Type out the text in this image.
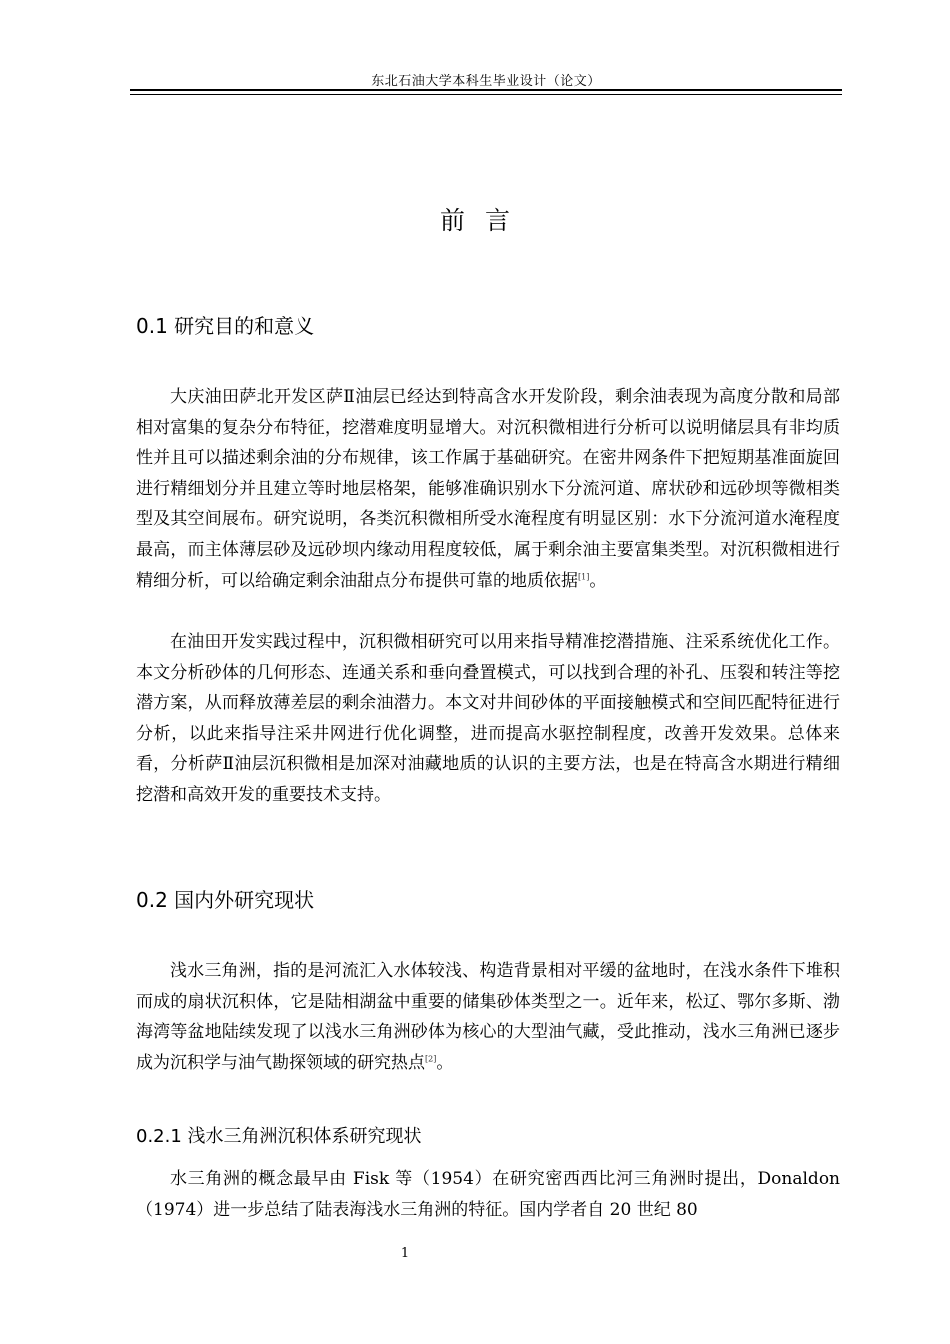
东北石油大学本科生毕业设计（论文）
前言
0.1 研究目的和意义

大庆油田萨北开发区萨Ⅱ油层已经达到特高含水开发阶段，剩余油表现为高度分散和局部相对富集的复杂分布特征，挖潜难度明显增大。对沉积微相进行分析可以说明储层具有非均质性并且可以描述剩余油的分布规律，该工作属于基础研究。在密井网条件下把短期基准面旋回进行精细划分并且建立等时地层格架，能够准确识别水下分流河道、席状砂和远砂坝等微相类型及其空间展布。研究说明，各类沉积微相所受水淹程度有明显区别：水下分流河道水淹程度最高，而主体薄层砂及远砂坝内缘动用程度较低，属于剩余油主要富集类型。对沉积微相进行精细分析，可以给确定剩余油甜点分布提供可靠的地质依据[1]。

在油田开发实践过程中，沉积微相研究可以用来指导精准挖潜措施、注采系统优化工作。本文分析砂体的几何形态、连通关系和垂向叠置模式，可以找到合理的补孔、压裂和转注等挖潜方案，从而释放薄差层的剩余油潜力。本文对井间砂体的平面接触模式和空间匹配特征进行分析，以此来指导注采井网进行优化调整，进而提高水驱控制程度，改善开发效果。总体来看，分析萨Ⅱ油层沉积微相是加深对油藏地质的认识的主要方法，也是在特高含水期进行精细挖潜和高效开发的重要技术支持。

0.2 国内外研究现状

浅水三角洲，指的是河流汇入水体较浅、构造背景相对平缓的盆地时，在浅水条件下堆积而成的扇状沉积体，它是陆相湖盆中重要的储集砂体类型之一。近年来，松辽、鄂尔多斯、渤海湾等盆地陆续发现了以浅水三角洲砂体为核心的大型油气藏，受此推动，浅水三角洲已逐步成为沉积学与油气勘探领域的研究热点[2]。

0.2.1 浅水三角洲沉积体系研究现状

水三角洲的概念最早由 Fisk 等（1954）在研究密西西比河三角洲时提出，Donaldon（1974）进一步总结了陆表海浅水三角洲的特征。国内学者自 20 世纪 80

1
